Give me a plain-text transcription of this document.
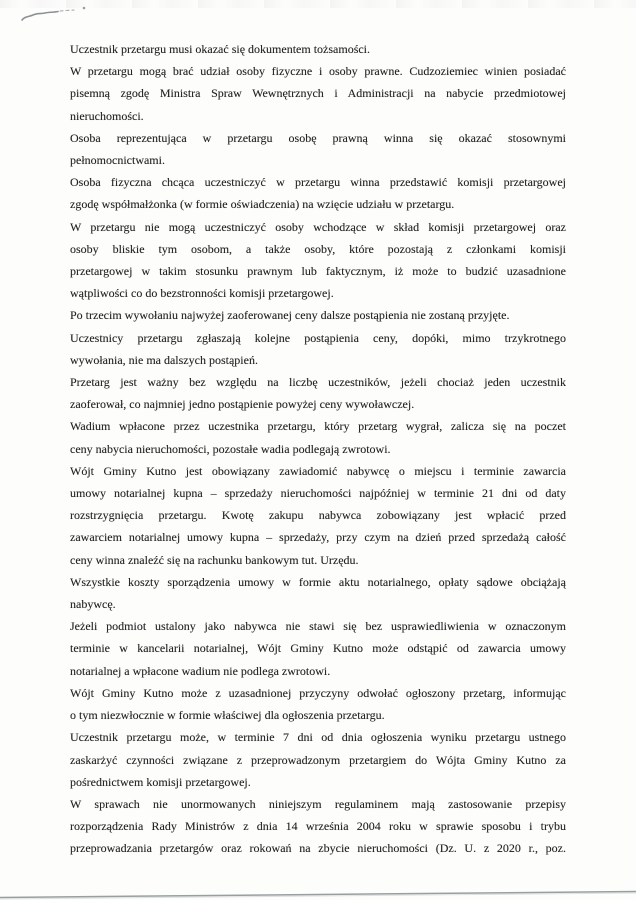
Uczestnik przetargu musi okazać się dokumentem tożsamości.

W przetargu mogą brać udział osoby fizyczne i osoby prawne. Cudzoziemiec winien posiadać
pisemną zgodę Ministra Spraw Wewnętrznych i Administracji na nabycie przedmiotowej
nieruchomości.

Osoba reprezentująca w przetargu osobę prawną winna się okazać stosownymi
pełnomocnictwami.

Osoba fizyczna chcąca uczestniczyć w przetargu winna przedstawić komisji przetargowej
zgodę współmałżonka (w formie oświadczenia) na wzięcie udziału w przetargu.

W przetargu nie mogą uczestniczyć osoby wchodzące w skład komisji przetargowej oraz
osoby bliskie tym osobom, a także osoby, które pozostają z członkami komisji
przetargowej w takim stosunku prawnym lub faktycznym, iż może to budzić uzasadnione
wątpliwości co do bezstronności komisji przetargowej.

Po trzecim wywołaniu najwyżej zaoferowanej ceny dalsze postąpienia nie zostaną przyjęte.

Uczestnicy przetargu zgłaszają kolejne postąpienia ceny, dopóki, mimo trzykrotnego
wywołania, nie ma dalszych postąpień.

Przetarg jest ważny bez względu na liczbę uczestników, jeżeli chociaż jeden uczestnik
zaoferował, co najmniej jedno postąpienie powyżej ceny wywoławczej.

Wadium wpłacone przez uczestnika przetargu, który przetarg wygrał, zalicza się na poczet
ceny nabycia nieruchomości, pozostałe wadia podlegają zwrotowi.

Wójt Gminy Kutno jest obowiązany zawiadomić nabywcę o miejscu i terminie zawarcia
umowy notarialnej kupna – sprzedaży nieruchomości najpóźniej w terminie 21 dni od daty
rozstrzygnięcia przetargu. Kwotę zakupu nabywca zobowiązany jest wpłacić przed
zawarciem notarialnej umowy kupna – sprzedaży, przy czym na dzień przed sprzedażą całość
ceny winna znaleźć się na rachunku bankowym tut. Urzędu.

Wszystkie koszty sporządzenia umowy w formie aktu notarialnego, opłaty sądowe obciążają
nabywcę.

Jeżeli podmiot ustalony jako nabywca nie stawi się bez usprawiedliwienia w oznaczonym
terminie w kancelarii notarialnej, Wójt Gminy Kutno może odstąpić od zawarcia umowy
notarialnej a wpłacone wadium nie podlega zwrotowi.

Wójt Gminy Kutno może z uzasadnionej przyczyny odwołać ogłoszony przetarg, informując
o tym niezwłocznie w formie właściwej dla ogłoszenia przetargu.

Uczestnik przetargu może, w terminie 7 dni od dnia ogłoszenia wyniku przetargu ustnego
zaskarżyć czynności związane z przeprowadzonym przetargiem do Wójta Gminy Kutno za
pośrednictwem komisji przetargowej.

W sprawach nie unormowanych niniejszym regulaminem mają zastosowanie przepisy
rozporządzenia Rady Ministrów z dnia 14 września 2004 roku w sprawie sposobu i trybu
przeprowadzania przetargów oraz rokowań na zbycie nieruchomości (Dz. U. z 2020 r., poz.
